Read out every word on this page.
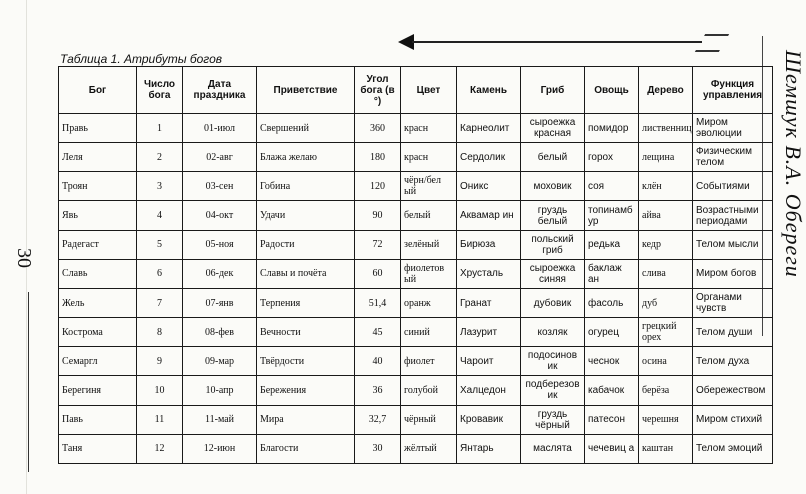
30	Шемшук В.А. Обереги
Таблица 1. Атрибуты богов
Бог	Число бога	Дата праздника	Приветствие	Угол бога (в °)	Цвет	Камень	Гриб	Овощь	Дерево	Функция управления
Правь	1	01-июл	Свершений	360	красн	Карнеолит	сыроежка красная	помидор	лиственниц	Миром эволюции
Леля	2	02-авг	Блажа желаю	180	красн	Сердолик	белый	горох	лещина	Физическим телом
Троян	3	03-сен	Гобина	120	чёрн/бел ый	Оникс	моховик	соя	клён	Событиями
Явь	4	04-окт	Удачи	90	белый	Аквамар ин	груздь белый	топинамб ур	айва	Возрастными периодами
Радегаст	5	05-ноя	Радости	72	зелёный	Бирюза	польский гриб	редька	кедр	Телом мысли
Славь	6	06-дек	Славы и почёта	60	фиолетов ый	Хрусталь	сыроежка синяя	баклаж ан	слива	Миром богов
Жель	7	07-янв	Терпения	51,4	оранж	Гранат	дубовик	фасоль	дуб	Органами чувств
Кострома	8	08-фев	Вечности	45	синий	Лазурит	козляк	огурец	грецкий орех	Телом души
Семаргл	9	09-мар	Твёрдости	40	фиолет	Чароит	подосинов ик	чеснок	осина	Телом духа
Берегиня	10	10-апр	Бережения	36	голубой	Халцедон	подберезов ик	кабачок	берёза	Обережеством
Павь	11	11-май	Мира	32,7	чёрный	Кровавик	груздь чёрный	патесон	черешня	Миром стихий
Таня	12	12-июн	Благости	30	жёлтый	Янтарь	маслята	чечевиц а	каштан	Телом эмоций
